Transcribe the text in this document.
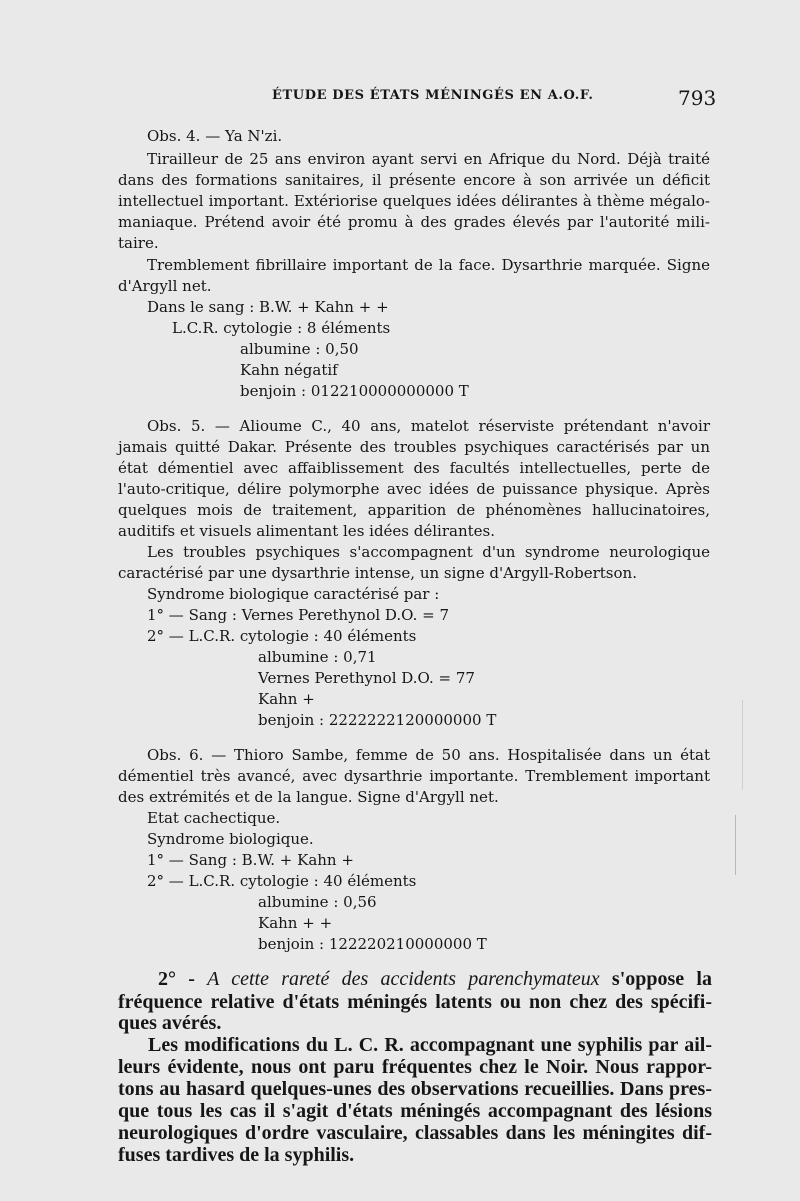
ÉTUDE DES ÉTATS MÉNINGÉS EN A.O.F.	793
Obs. 4. — Ya N'zi.
Tirailleur de 25 ans environ ayant servi en Afrique du Nord. Déjà traité
dans des formations sanitaires, il présente encore à son arrivée un déficit
intellectuel important. Extériorise quelques idées délirantes à thème mégalo-
maniaque. Prétend avoir été promu à des grades élevés par l'autorité mili-
taire.
Tremblement fibrillaire important de la face. Dysarthrie marquée. Signe
d'Argyll net.
Dans le sang : B.W. + Kahn + +
L.C.R. cytologie : 8 éléments
albumine : 0,50
Kahn négatif
benjoin : 012210000000000 T
Obs. 5. — Alioume C., 40 ans, matelot réserviste prétendant n'avoir
jamais quitté Dakar. Présente des troubles psychiques caractérisés par un
état démentiel avec affaiblissement des facultés intellectuelles, perte de
l'auto-critique, délire polymorphe avec idées de puissance physique. Après
quelques mois de traitement, apparition de phénomènes hallucinatoires,
auditifs et visuels alimentant les idées délirantes.
Les troubles psychiques s'accompagnent d'un syndrome neurologique
caractérisé par une dysarthrie intense, un signe d'Argyll-Robertson.
Syndrome biologique caractérisé par :
1° — Sang : Vernes Perethynol D.O. = 7
2° — L.C.R. cytologie : 40 éléments
albumine : 0,71
Vernes Perethynol D.O. = 77
Kahn +
benjoin : 2222222120000000 T
Obs. 6. — Thioro Sambe, femme de 50 ans. Hospitalisée dans un état
démentiel très avancé, avec dysarthrie importante. Tremblement important
des extrémités et de la langue. Signe d'Argyll net.
Etat cachectique.
Syndrome biologique.
1° — Sang : B.W. + Kahn +
2° — L.C.R. cytologie : 40 éléments
albumine : 0,56
Kahn + +
benjoin : 122220210000000 T
2° - A cette rareté des accidents parenchymateux s'oppose la
fréquence relative d'états méningés latents ou non chez des spécifi-
ques avérés.
Les modifications du L. C. R. accompagnant une syphilis par ail-
leurs évidente, nous ont paru fréquentes chez le Noir. Nous rappor-
tons au hasard quelques-unes des observations recueillies. Dans pres-
que tous les cas il s'agit d'états méningés accompagnant des lésions
neurologiques d'ordre vasculaire, classables dans les méningites dif-
fuses tardives de la syphilis.
